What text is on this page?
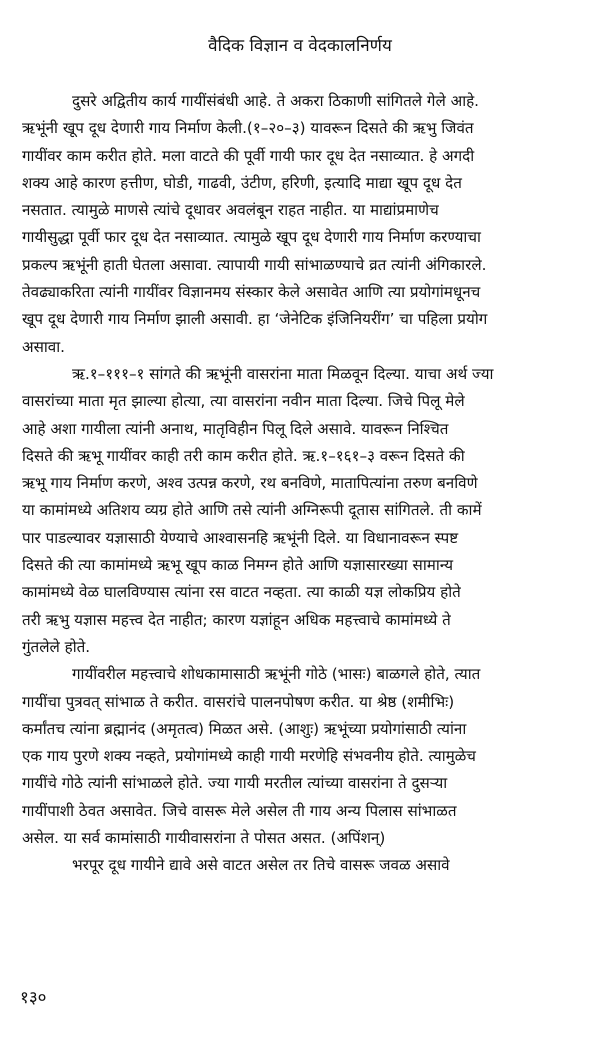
वैदिक विज्ञान व वेदकालनिर्णय
दुसरे अद्वितीय कार्य गायींसंबंधी आहे. ते अकरा ठिकाणी सांगितले गेले आहे.
ऋभूंनी खूप दूध देणारी गाय निर्माण केली.(१–२०–३) यावरून दिसते की ऋभु जिवंत
गायींवर काम करीत होते. मला वाटते की पूर्वी गायी फार दूध देत नसाव्यात. हे अगदी
शक्य आहे कारण हत्तीण, घोडी, गाढवी, उंटीण, हरिणी, इत्यादि माद्या खूप दूध देत
नसतात. त्यामुळे माणसे त्यांचे दूधावर अवलंबून राहत नाहीत. या माद्यांप्रमाणेच
गायीसुद्धा पूर्वी फार दूध देत नसाव्यात. त्यामुळे खूप दूध देणारी गाय निर्माण करण्याचा
प्रकल्प ऋभूंनी हाती घेतला असावा. त्यापायी गायी सांभाळण्याचे व्रत त्यांनी अंगिकारले.
तेवढ्याकरिता त्यांनी गायींवर विज्ञानमय संस्कार केले असावेत आणि त्या प्रयोगांमधूनच
खूप दूध देणारी गाय निर्माण झाली असावी. हा ‘जेनेटिक इंजिनियरींग’ चा पहिला प्रयोग
असावा.
ऋ.१–१११–१ सांगते की ऋभूंनी वासरांना माता मिळवून दिल्या. याचा अर्थ ज्या
वासरांच्या माता मृत झाल्या होत्या, त्या वासरांना नवीन माता दिल्या. जिचे पिलू मेले
आहे अशा गायीला त्यांनी अनाथ, मातृविहीन पिलू दिले असावे. यावरून निश्चित
दिसते की ऋभू गायींवर काही तरी काम करीत होते. ऋ.१–१६१–३ वरून दिसते की
ऋभू गाय निर्माण करणे, अश्व उत्पन्न करणे, रथ बनविणे, मातापित्यांना तरुण बनविणे
या कामांमध्ये अतिशय व्यग्र होते आणि तसे त्यांनी अग्निरूपी दूतास सांगितले. ती कामें
पार पाडल्यावर यज्ञासाठी येण्याचे आश्वासनहि ऋभूंनी दिले. या विधानावरून स्पष्ट
दिसते की त्या कामांमध्ये ऋभू खूप काळ निमग्न होते आणि यज्ञासारख्या सामान्य
कामांमध्ये वेळ घालविण्यास त्यांना रस वाटत नव्हता. त्या काळी यज्ञ लोकप्रिय होते
तरी ऋभु यज्ञास महत्त्व देत नाहीत; कारण यज्ञांहून अधिक महत्त्वाचे कामांमध्ये ते
गुंतलेले होते.
गायींवरील महत्त्वाचे शोधकामासाठी ऋभूंनी गोठे (भासः) बाळगले होते, त्यात
गायींचा पुत्रवत् सांभाळ ते करीत. वासरांचे पालनपोषण करीत. या श्रेष्ठ (शमीभिः)
कर्मांतच त्यांना ब्रह्मानंद (अमृतत्व) मिळत असे. (आशुः) ऋभूंच्या प्रयोगांसाठी त्यांना
एक गाय पुरणे शक्य नव्हते, प्रयोगांमध्ये काही गायी मरणेहि संभवनीय होते. त्यामुळेच
गायींचे गोठे त्यांनी सांभाळले होते. ज्या गायी मरतील त्यांच्या वासरांना ते दुसऱ्या
गायींपाशी ठेवत असावेत. जिचे वासरू मेले असेल ती गाय अन्य पिलास सांभाळत
असेल. या सर्व कामांसाठी गायीवासरांना ते पोसत असत. (अपिंशन्)
भरपूर दूध गायीने द्यावे असे वाटत असेल तर तिचे वासरू जवळ असावे
१३०
